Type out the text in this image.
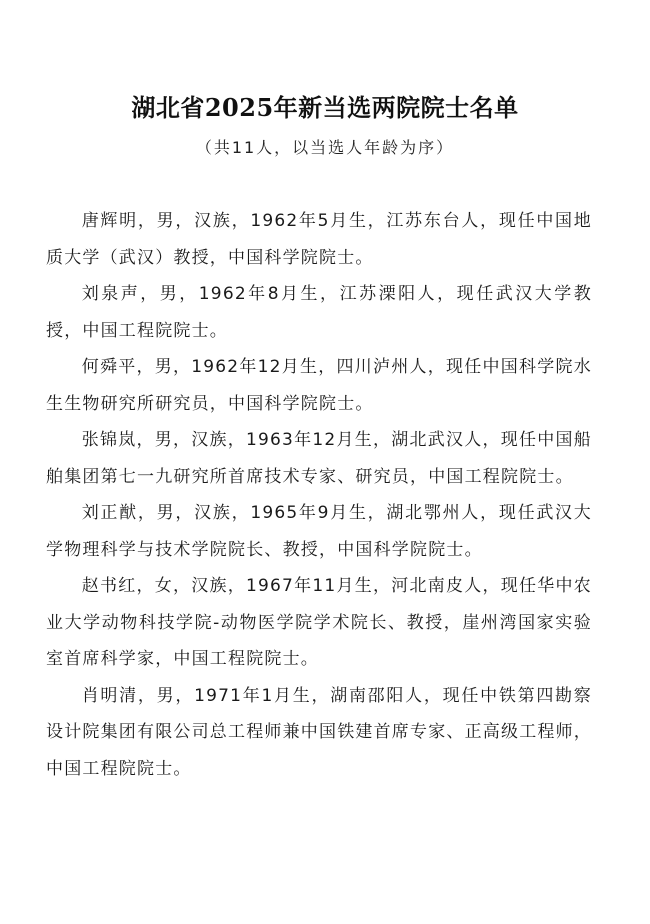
湖北省2025年新当选两院院士名单
（共11人，以当选人年龄为序）

唐辉明，男，汉族，1962年5月生，江苏东台人，现任中国地质大学（武汉）教授，中国科学院院士。

刘泉声，男，1962年8月生，江苏溧阳人，现任武汉大学教授，中国工程院院士。

何舜平，男，1962年12月生，四川泸州人，现任中国科学院水生生物研究所研究员，中国科学院院士。

张锦岚，男，汉族，1963年12月生，湖北武汉人，现任中国船舶集团第七一九研究所首席技术专家、研究员，中国工程院院士。

刘正猷，男，汉族，1965年9月生，湖北鄂州人，现任武汉大学物理科学与技术学院院长、教授，中国科学院院士。

赵书红，女，汉族，1967年11月生，河北南皮人，现任华中农业大学动物科技学院-动物医学院学术院长、教授，崖州湾国家实验室首席科学家，中国工程院院士。

肖明清，男，1971年1月生，湖南邵阳人，现任中铁第四勘察设计院集团有限公司总工程师兼中国铁建首席专家、正高级工程师，中国工程院院士。
